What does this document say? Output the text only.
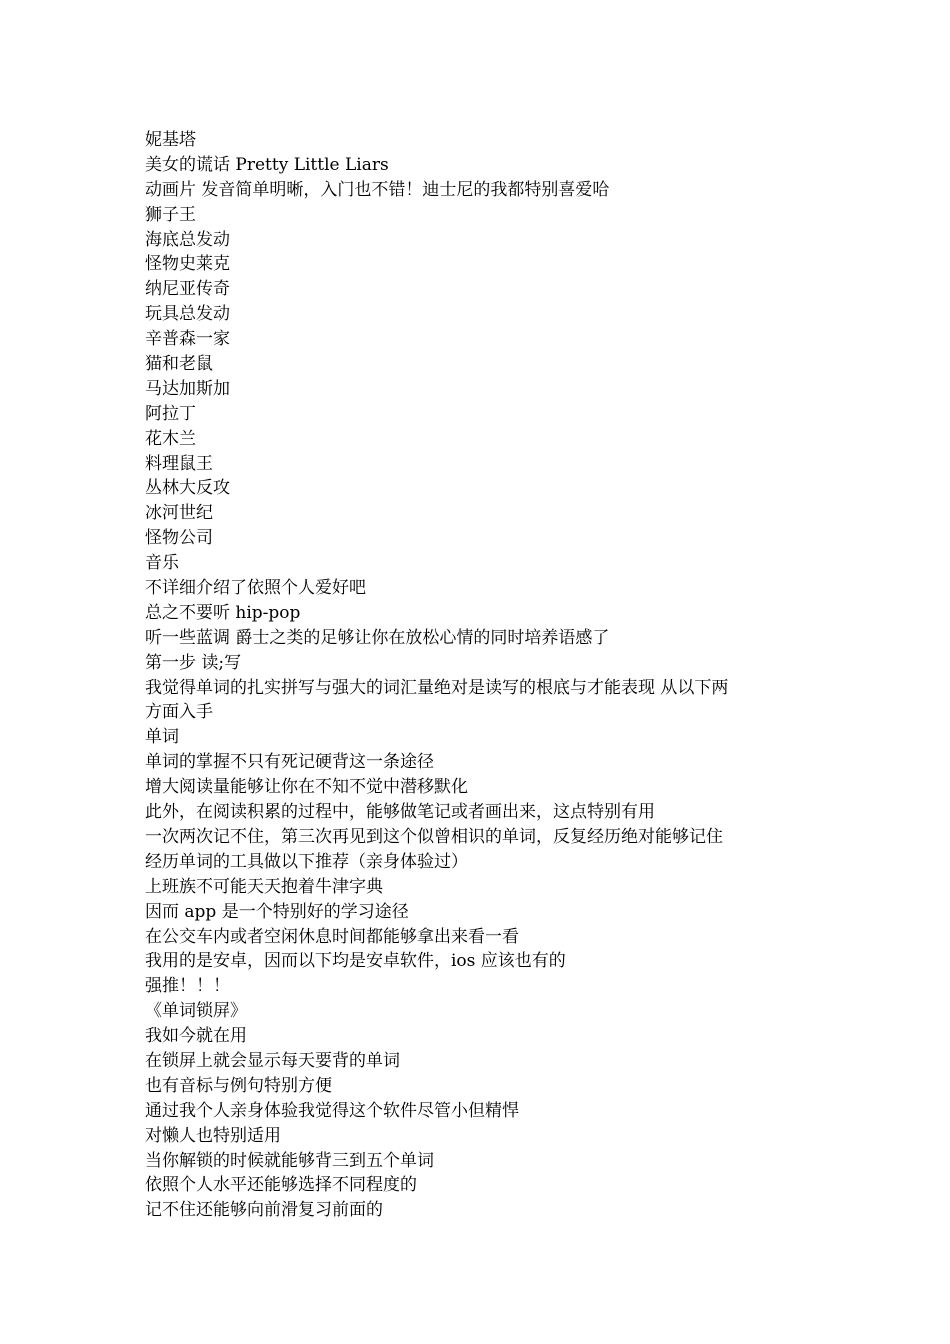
妮基塔
美女的谎话 Pretty Little Liars
动画片 发音简单明晰，入门也不错！迪士尼的我都特别喜爱哈
狮子王
海底总发动
怪物史莱克
纳尼亚传奇
玩具总发动
辛普森一家
猫和老鼠
马达加斯加
阿拉丁
花木兰
料理鼠王
丛林大反攻
冰河世纪
怪物公司
音乐
不详细介绍了依照个人爱好吧
总之不要听 hip-pop
听一些蓝调 爵士之类的足够让你在放松心情的同时培养语感了
第一步 读;写
我觉得单词的扎实拼写与强大的词汇量绝对是读写的根底与才能表现 从以下两
方面入手
单词
单词的掌握不只有死记硬背这一条途径
增大阅读量能够让你在不知不觉中潜移默化
此外，在阅读积累的过程中，能够做笔记或者画出来，这点特别有用
一次两次记不住，第三次再见到这个似曾相识的单词，反复经历绝对能够记住
经历单词的工具做以下推荐（亲身体验过）
上班族不可能天天抱着牛津字典
因而 app 是一个特别好的学习途径
在公交车内或者空闲休息时间都能够拿出来看一看
我用的是安卓，因而以下均是安卓软件，ios 应该也有的
强推！！！
《单词锁屏》
我如今就在用
在锁屏上就会显示每天要背的单词
也有音标与例句特别方便
通过我个人亲身体验我觉得这个软件尽管小但精悍
对懒人也特别适用
当你解锁的时候就能够背三到五个单词
依照个人水平还能够选择不同程度的
记不住还能够向前滑复习前面的
